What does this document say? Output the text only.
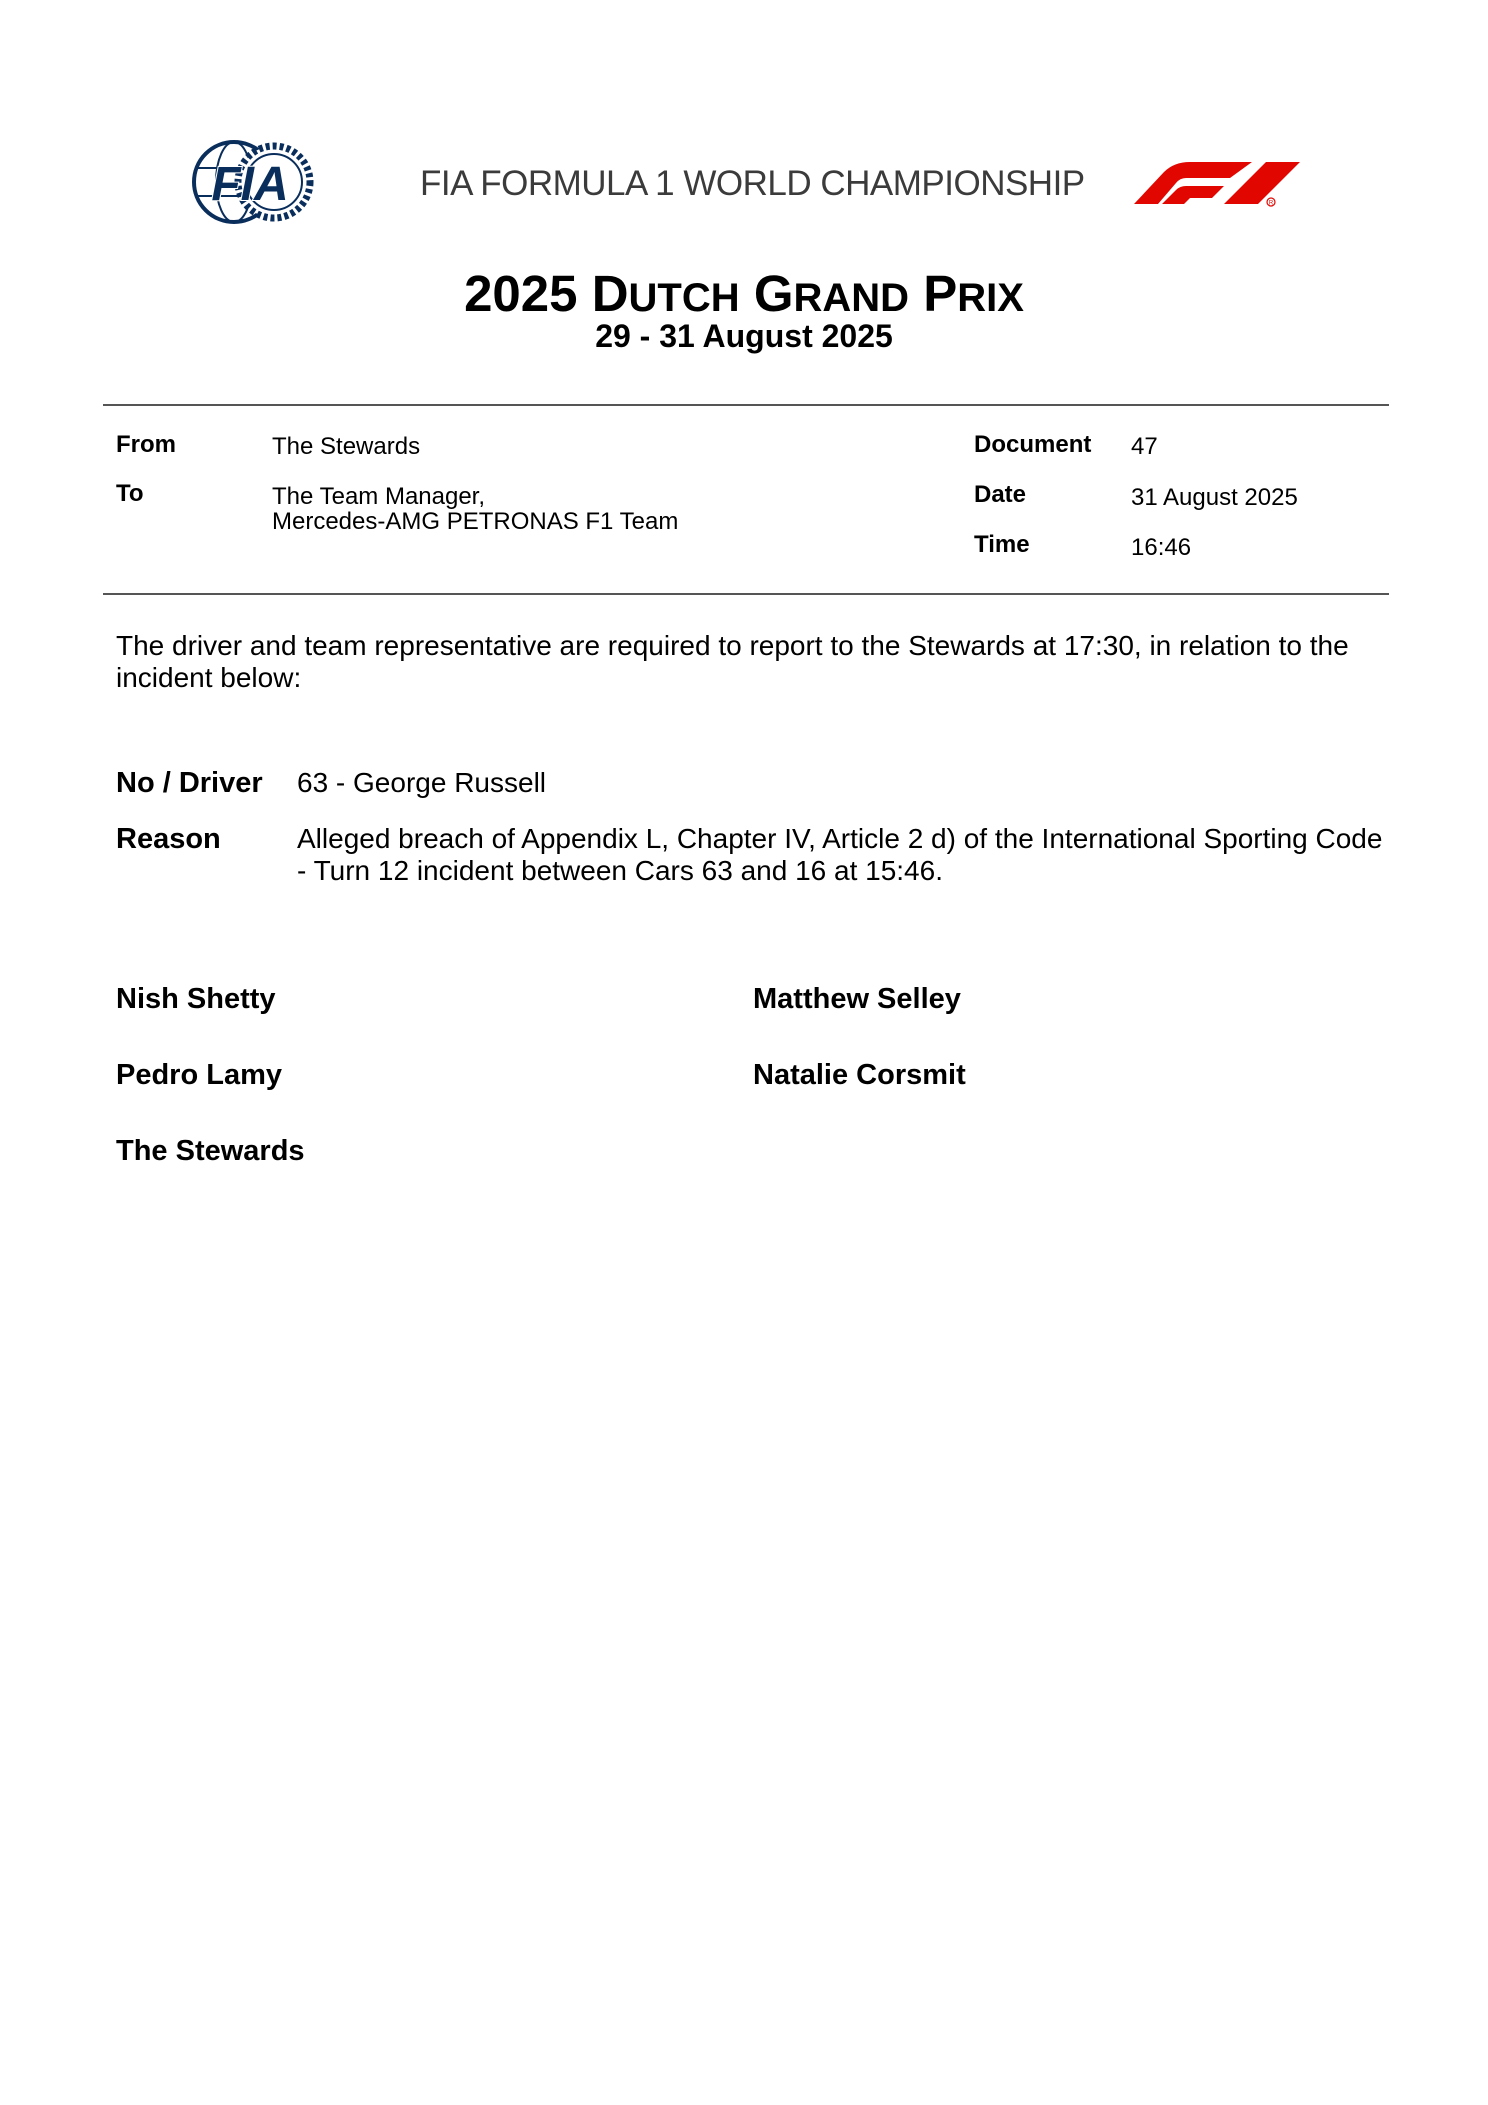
FIA	FIA FORMULA 1 WORLD CHAMPIONSHIP
R
2025 DUTCH GRAND PRIX
29 - 31 August 2025
From	The Stewards
To	The Team Manager,
Mercedes-AMG PETRONAS F1 Team
Document 47
Date	31 August 2025
Time	16:46
The driver and team representative are required to report to the Stewards at 17:30, in relation to the incident below:
No / Driver 63 - George Russell
Reason	Alleged breach of Appendix L, Chapter IV, Article 2 d) of the International Sporting Code - Turn 12 incident between Cars 63 and 16 at 15:46.
Nish Shetty	Matthew Selley
Pedro Lamy	Natalie Corsmit
The Stewards
